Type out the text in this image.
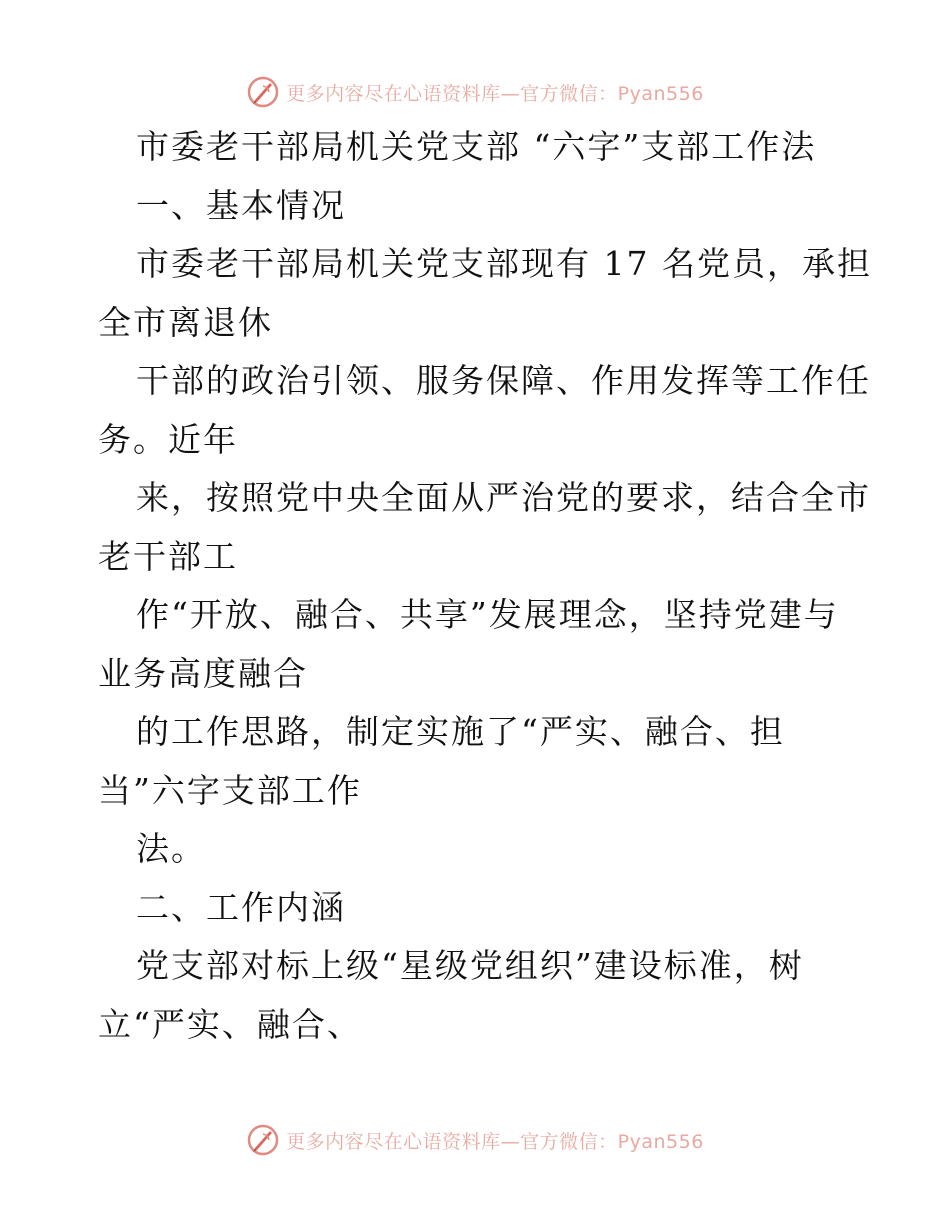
更多内容尽在心语资料库—官方微信：Pyan556
市委老干部局机关党支部 “六字”支部工作法
一、基本情况
市委老干部局机关党支部现有 17 名党员，承担
全市离退休
干部的政治引领、服务保障、作用发挥等工作任
务。近年
来，按照党中央全面从严治党的要求，结合全市
老干部工
作“开放、融合、共享”发展理念，坚持党建与
业务高度融合
的工作思路，制定实施了“严实、融合、担
当”六字支部工作
法。
二、工作内涵
党支部对标上级“星级党组织”建设标准，树
立“严实、融合、
更多内容尽在心语资料库—官方微信：Pyan556
